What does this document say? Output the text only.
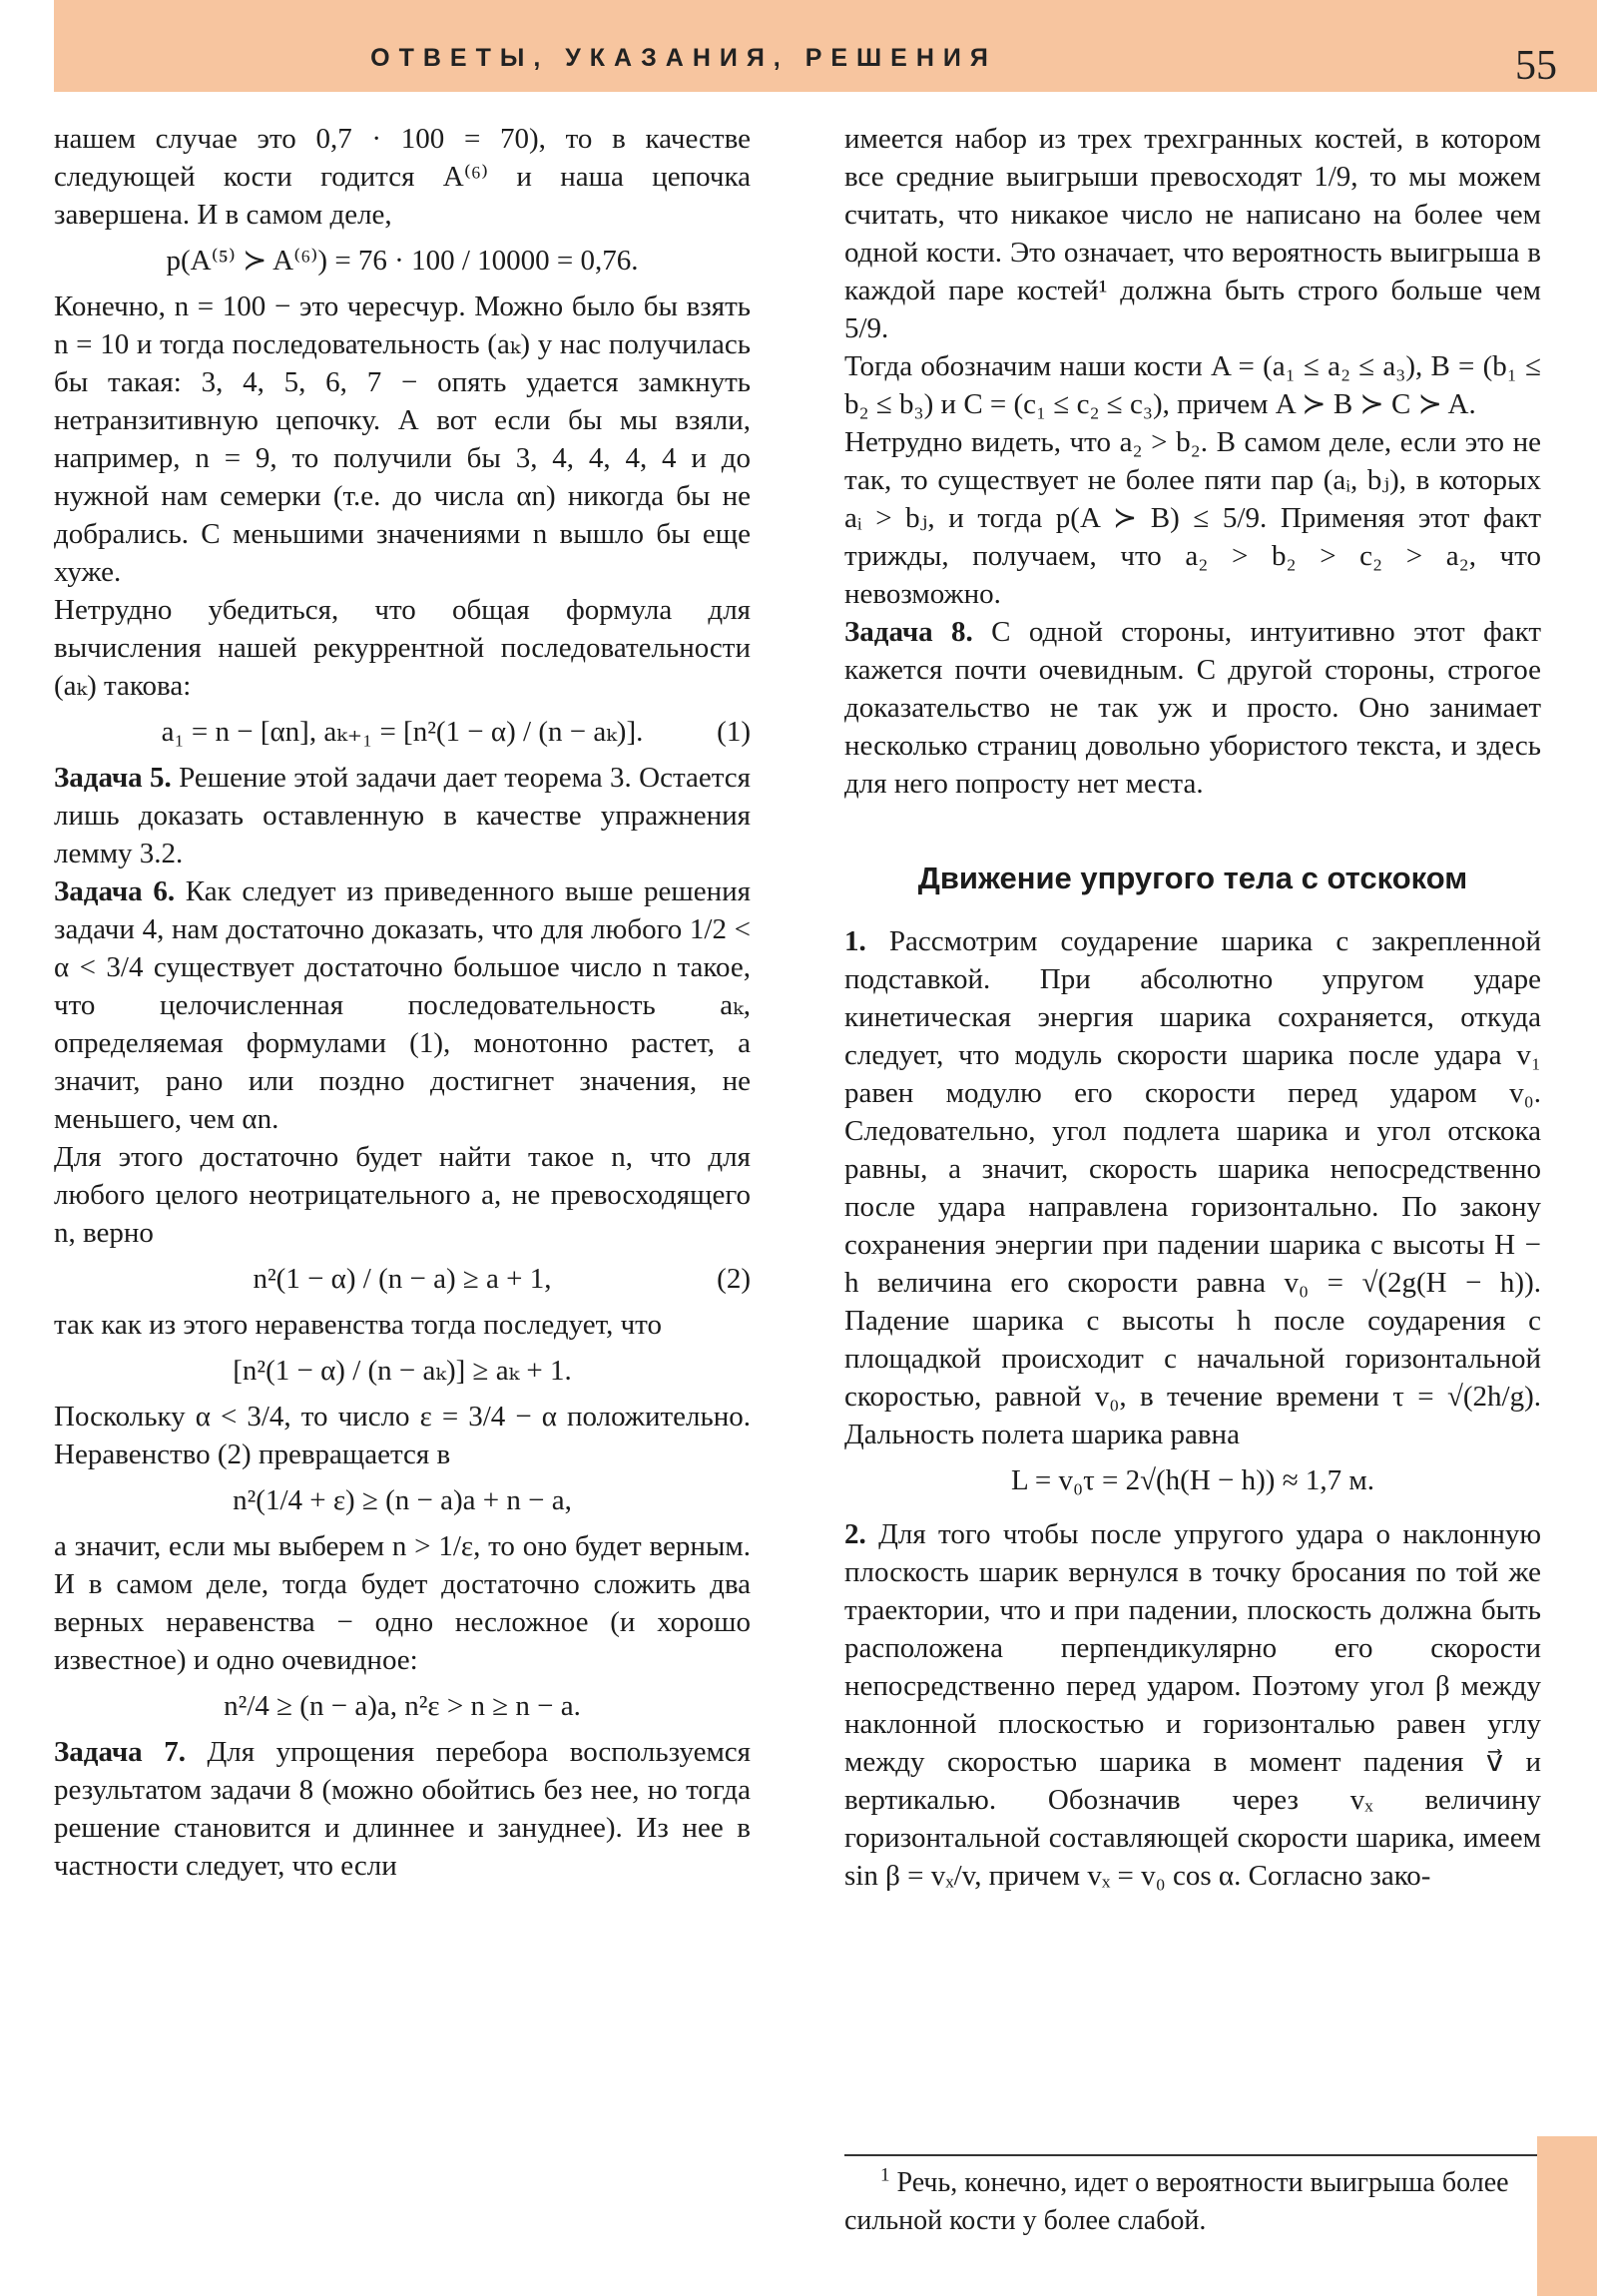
ОТВЕТЫ, УКАЗАНИЯ, РЕШЕНИЯ	55

нашем случае это 0,7 · 100 = 70), то в качестве следующей кости годится A⁽⁶⁾ и наша цепочка завершена. И в самом деле,

p(A⁽⁵⁾ ≻ A⁽⁶⁾) = 76 · 100 / 10000 = 0,76.

Конечно, n = 100 − это чересчур. Можно было бы взять n = 10 и тогда последовательность (aₖ) у нас получилась бы такая: 3, 4, 5, 6, 7 − опять удается замкнуть нетранзитивную цепочку. А вот если бы мы взяли, например, n = 9, то получили бы 3, 4, 4, 4, 4 и до нужной нам семерки (т.е. до числа αn) никогда бы не добрались. С меньшими значениями n вышло бы еще хуже.

Нетрудно убедиться, что общая формула для вычисления нашей рекуррентной последовательности (aₖ) такова:

a₁ = n − [αn], aₖ₊₁ = [n²(1 − α) / (n − aₖ)].	(1)

Задача 5. Решение этой задачи дает теорема 3. Остается лишь доказать оставленную в качестве упражнения лемму 3.2.

Задача 6. Как следует из приведенного выше решения задачи 4, нам достаточно доказать, что для любого 1/2 < α < 3/4 существует достаточно большое число n такое, что целочисленная последовательность aₖ, определяемая формулами (1), монотонно растет, а значит, рано или поздно достигнет значения, не меньшего, чем αn.

Для этого достаточно будет найти такое n, что для любого целого неотрицательного a, не превосходящего n, верно

n²(1 − α) / (n − a) ≥ a + 1,	(2)

так как из этого неравенства тогда последует, что

[n²(1 − α) / (n − aₖ)] ≥ aₖ + 1.

Поскольку α < 3/4, то число ε = 3/4 − α положительно. Неравенство (2) превращается в

n²(1/4 + ε) ≥ (n − a)a + n − a,

а значит, если мы выберем n > 1/ε, то оно будет верным. И в самом деле, тогда будет достаточно сложить два верных неравенства − одно несложное (и хорошо известное) и одно очевидное:

n²/4 ≥ (n − a)a, n²ε > n ≥ n − a.

Задача 7. Для упрощения перебора воспользуемся результатом задачи 8 (можно обойтись без нее, но тогда решение становится и длиннее и зануднее). Из нее в частности следует, что если

имеется набор из трех трехгранных костей, в котором все средние выигрыши превосходят 1/9, то мы можем считать, что никакое число не написано на более чем одной кости. Это означает, что вероятность выигрыша в каждой паре костей¹ должна быть строго больше чем 5/9.

Тогда обозначим наши кости A = (a₁ ≤ a₂ ≤ a₃), B = (b₁ ≤ b₂ ≤ b₃) и C = (c₁ ≤ c₂ ≤ c₃), причем A ≻ B ≻ C ≻ A.

Нетрудно видеть, что a₂ > b₂. В самом деле, если это не так, то существует не более пяти пар (aᵢ, bⱼ), в которых aᵢ > bⱼ, и тогда p(A ≻ B) ≤ 5/9. Применяя этот факт трижды, получаем, что a₂ > b₂ > c₂ > a₂, что невозможно.

Задача 8. С одной стороны, интуитивно этот факт кажется почти очевидным. С другой стороны, строгое доказательство не так уж и просто. Оно занимает несколько страниц довольно убористого текста, и здесь для него попросту нет места.

Движение упругого тела с отскоком

1. Рассмотрим соударение шарика с закрепленной подставкой. При абсолютно упругом ударе кинетическая энергия шарика сохраняется, откуда следует, что модуль скорости шарика после удара v₁ равен модулю его скорости перед ударом v₀. Следовательно, угол подлета шарика и угол отскока равны, а значит, скорость шарика непосредственно после удара направлена горизонтально. По закону сохранения энергии при падении шарика с высоты H − h величина его скорости равна v₀ = √(2g(H − h)). Падение шарика с высоты h после соударения с площадкой происходит с начальной горизонтальной скоростью, равной v₀, в течение времени τ = √(2h/g). Дальность полета шарика равна

L = v₀τ = 2√(h(H − h)) ≈ 1,7 м.

2. Для того чтобы после упругого удара о наклонную плоскость шарик вернулся в точку бросания по той же траектории, что и при падении, плоскость должна быть расположена перпендикулярно его скорости непосредственно перед ударом. Поэтому угол β между наклонной плоскостью и горизонталью равен углу между скоростью шарика в момент падения v⃗ и вертикалью. Обозначив через vₓ величину горизонтальной составляющей скорости шарика, имеем sin β = vₓ/v, причем vₓ = v₀ cos α. Согласно зако-

$^1$ Речь, конечно, идет о вероятности выигрыша более сильной кости у более слабой.
